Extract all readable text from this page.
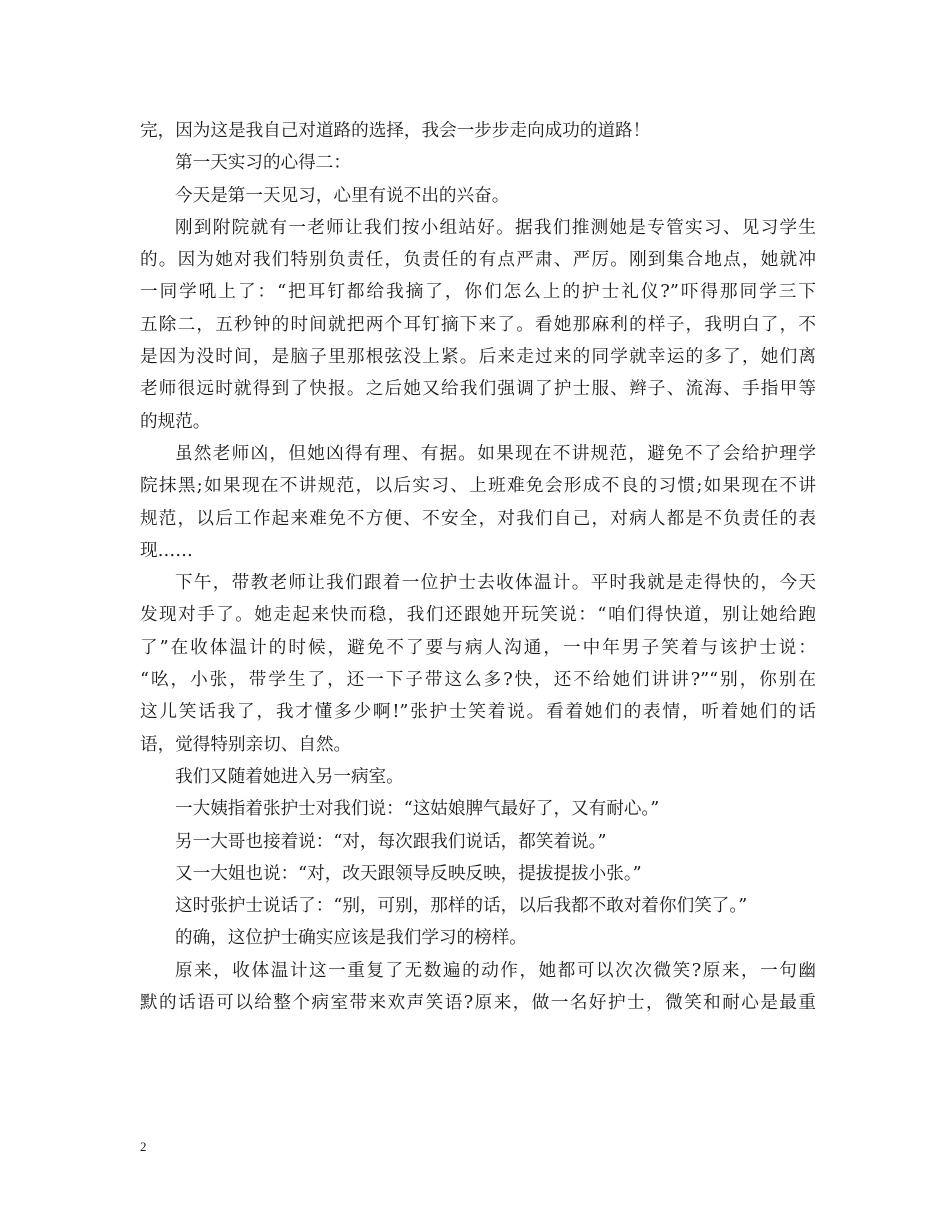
完，因为这是我自己对道路的选择，我会一步步走向成功的道路！
第一天实习的心得二：
今天是第一天见习，心里有说不出的兴奋。
刚到附院就有一老师让我们按小组站好。据我们推测她是专管实习、见习学生
的。因为她对我们特别负责任，负责任的有点严肃、严厉。刚到集合地点，她就冲
一同学吼上了：“把耳钉都给我摘了，你们怎么上的护士礼仪?”吓得那同学三下
五除二，五秒钟的时间就把两个耳钉摘下来了。看她那麻利的样子，我明白了，不
是因为没时间，是脑子里那根弦没上紧。后来走过来的同学就幸运的多了，她们离
老师很远时就得到了快报。之后她又给我们强调了护士服、辫子、流海、手指甲等
的规范。
虽然老师凶，但她凶得有理、有据。如果现在不讲规范，避免不了会给护理学
院抹黑;如果现在不讲规范，以后实习、上班难免会形成不良的习惯;如果现在不讲
规范，以后工作起来难免不方便、不安全，对我们自己，对病人都是不负责任的表
现……
下午，带教老师让我们跟着一位护士去收体温计。平时我就是走得快的，今天
发现对手了。她走起来快而稳，我们还跟她开玩笑说：“咱们得快道，别让她给跑
了”在收体温计的时候，避免不了要与病人沟通，一中年男子笑着与该护士说：
“吆，小张，带学生了，还一下子带这么多?快，还不给她们讲讲?”“别，你别在
这儿笑话我了，我才懂多少啊!”张护士笑着说。看着她们的表情，听着她们的话
语，觉得特别亲切、自然。
我们又随着她进入另一病室。
一大姨指着张护士对我们说：“这姑娘脾气最好了，又有耐心。”
另一大哥也接着说：“对，每次跟我们说话，都笑着说。”
又一大姐也说：“对，改天跟领导反映反映，提拔提拔小张。”
这时张护士说话了：“别，可别，那样的话，以后我都不敢对着你们笑了。”
的确，这位护士确实应该是我们学习的榜样。
原来，收体温计这一重复了无数遍的动作，她都可以次次微笑?原来，一句幽
默的话语可以给整个病室带来欢声笑语?原来，做一名好护士，微笑和耐心是最重
2
